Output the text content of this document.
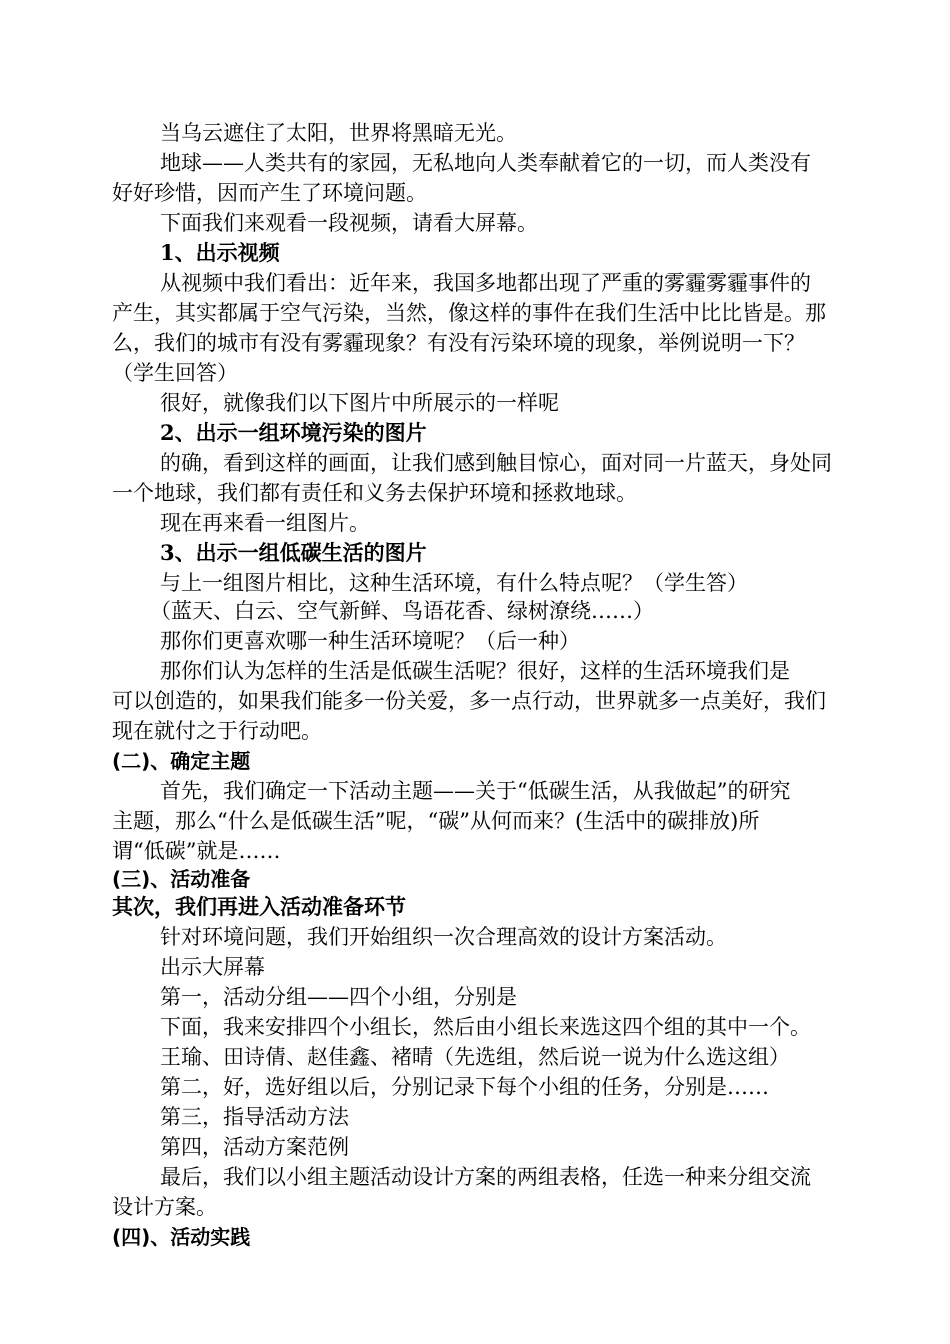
当乌云遮住了太阳，世界将黑暗无光。
地球——人类共有的家园，无私地向人类奉献着它的一切，而人类没有
好好珍惜，因而产生了环境问题。
下面我们来观看一段视频，请看大屏幕。
1、出示视频
从视频中我们看出：近年来，我国多地都出现了严重的雾霾雾霾事件的
产生，其实都属于空气污染，当然，像这样的事件在我们生活中比比皆是。那
么，我们的城市有没有雾霾现象？有没有污染环境的现象，举例说明一下？
（学生回答）
很好，就像我们以下图片中所展示的一样呢
2、出示一组环境污染的图片
的确，看到这样的画面，让我们感到触目惊心，面对同一片蓝天，身处同
一个地球，我们都有责任和义务去保护环境和拯救地球。
现在再来看一组图片。
3、出示一组低碳生活的图片
与上一组图片相比，这种生活环境，有什么特点呢？（学生答）
（蓝天、白云、空气新鲜、鸟语花香、绿树潦绕……）
那你们更喜欢哪一种生活环境呢？（后一种）
那你们认为怎样的生活是低碳生活呢？很好，这样的生活环境我们是
可以创造的，如果我们能多一份关爱，多一点行动，世界就多一点美好，我们
现在就付之于行动吧。
(二)、确定主题
首先，我们确定一下活动主题——关于“低碳生活，从我做起”的研究
主题，那么“什么是低碳生活”呢，“碳”从何而来？(生活中的碳排放)所
谓“低碳”就是……
(三)、活动准备
其次，我们再进入活动准备环节
针对环境问题，我们开始组织一次合理高效的设计方案活动。
出示大屏幕
第一，活动分组——四个小组，分别是
下面，我来安排四个小组长，然后由小组长来选这四个组的其中一个。
王瑜、田诗倩、赵佳鑫、褚晴（先选组，然后说一说为什么选这组）
第二，好，选好组以后，分别记录下每个小组的任务，分别是……
第三，指导活动方法
第四，活动方案范例
最后，我们以小组主题活动设计方案的两组表格，任选一种来分组交流
设计方案。
(四)、活动实践
